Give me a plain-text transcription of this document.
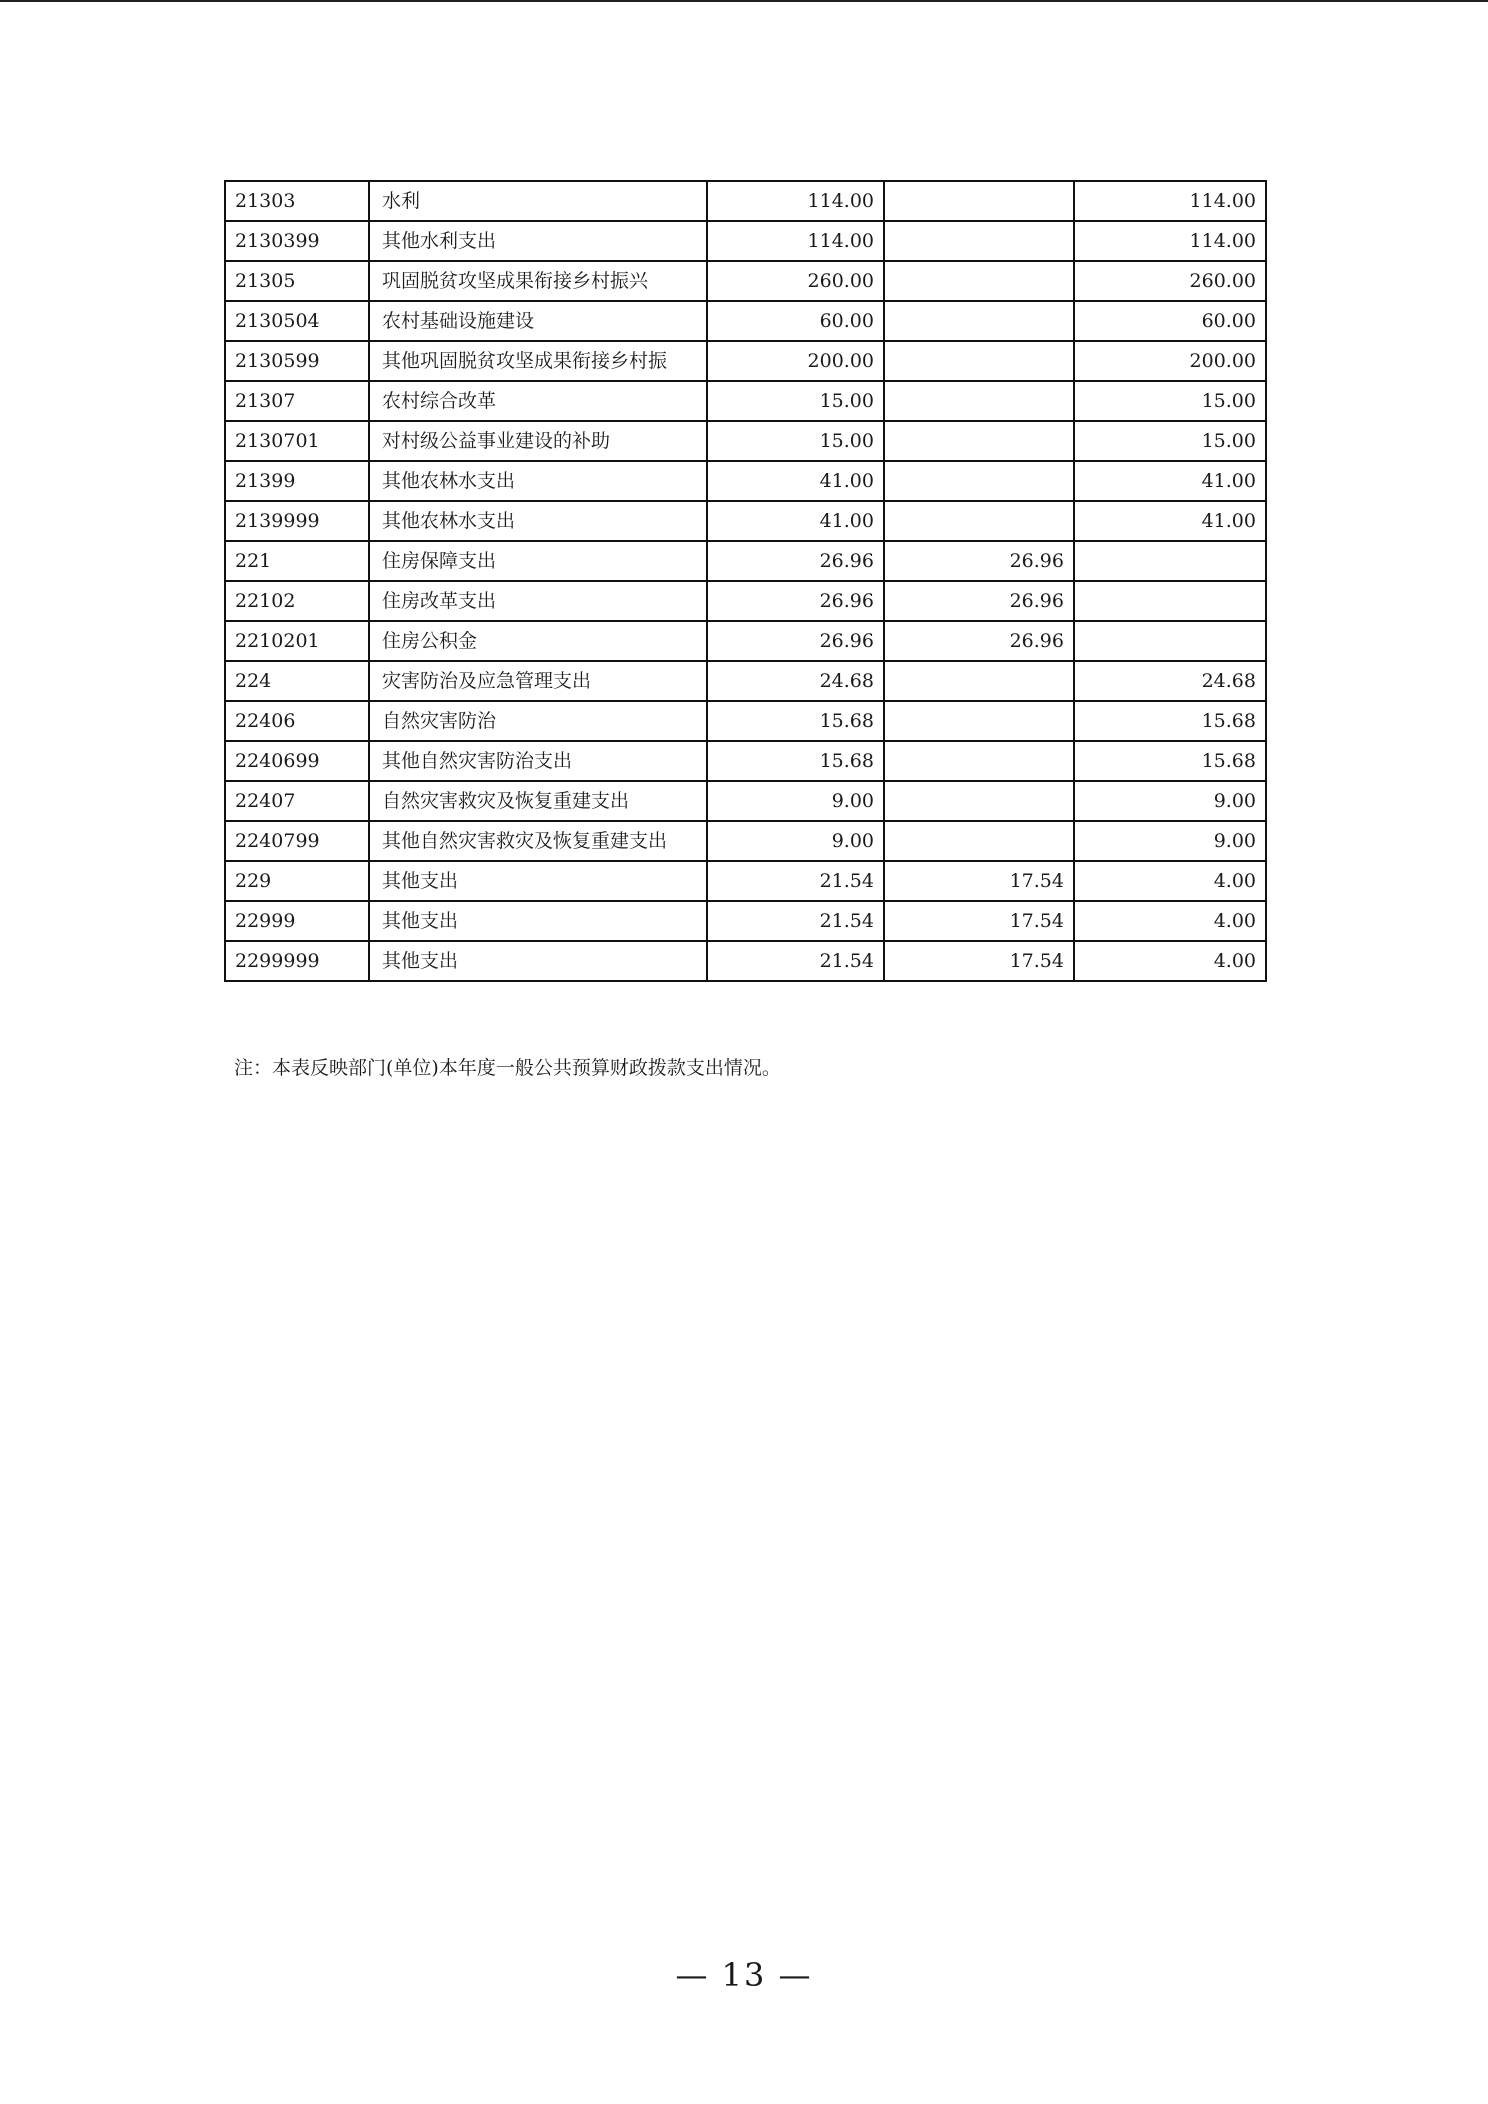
21303	水利	114.00		114.00
2130399	其他水利支出	114.00		114.00
21305	巩固脱贫攻坚成果衔接乡村振兴	260.00		260.00
2130504	农村基础设施建设	60.00		60.00
2130599	其他巩固脱贫攻坚成果衔接乡村振	200.00		200.00
21307	农村综合改革	15.00		15.00
2130701	对村级公益事业建设的补助	15.00		15.00
21399	其他农林水支出	41.00		41.00
2139999	其他农林水支出	41.00		41.00
221	住房保障支出	26.96	26.96	
22102	住房改革支出	26.96	26.96	
2210201	住房公积金	26.96	26.96	
224	灾害防治及应急管理支出	24.68		24.68
22406	自然灾害防治	15.68		15.68
2240699	其他自然灾害防治支出	15.68		15.68
22407	自然灾害救灾及恢复重建支出	9.00		9.00
2240799	其他自然灾害救灾及恢复重建支出	9.00		9.00
229	其他支出	21.54	17.54	4.00
22999	其他支出	21.54	17.54	4.00
2299999	其他支出	21.54	17.54	4.00
注：本表反映部门(单位)本年度一般公共预算财政拨款支出情况。
— 13 —
